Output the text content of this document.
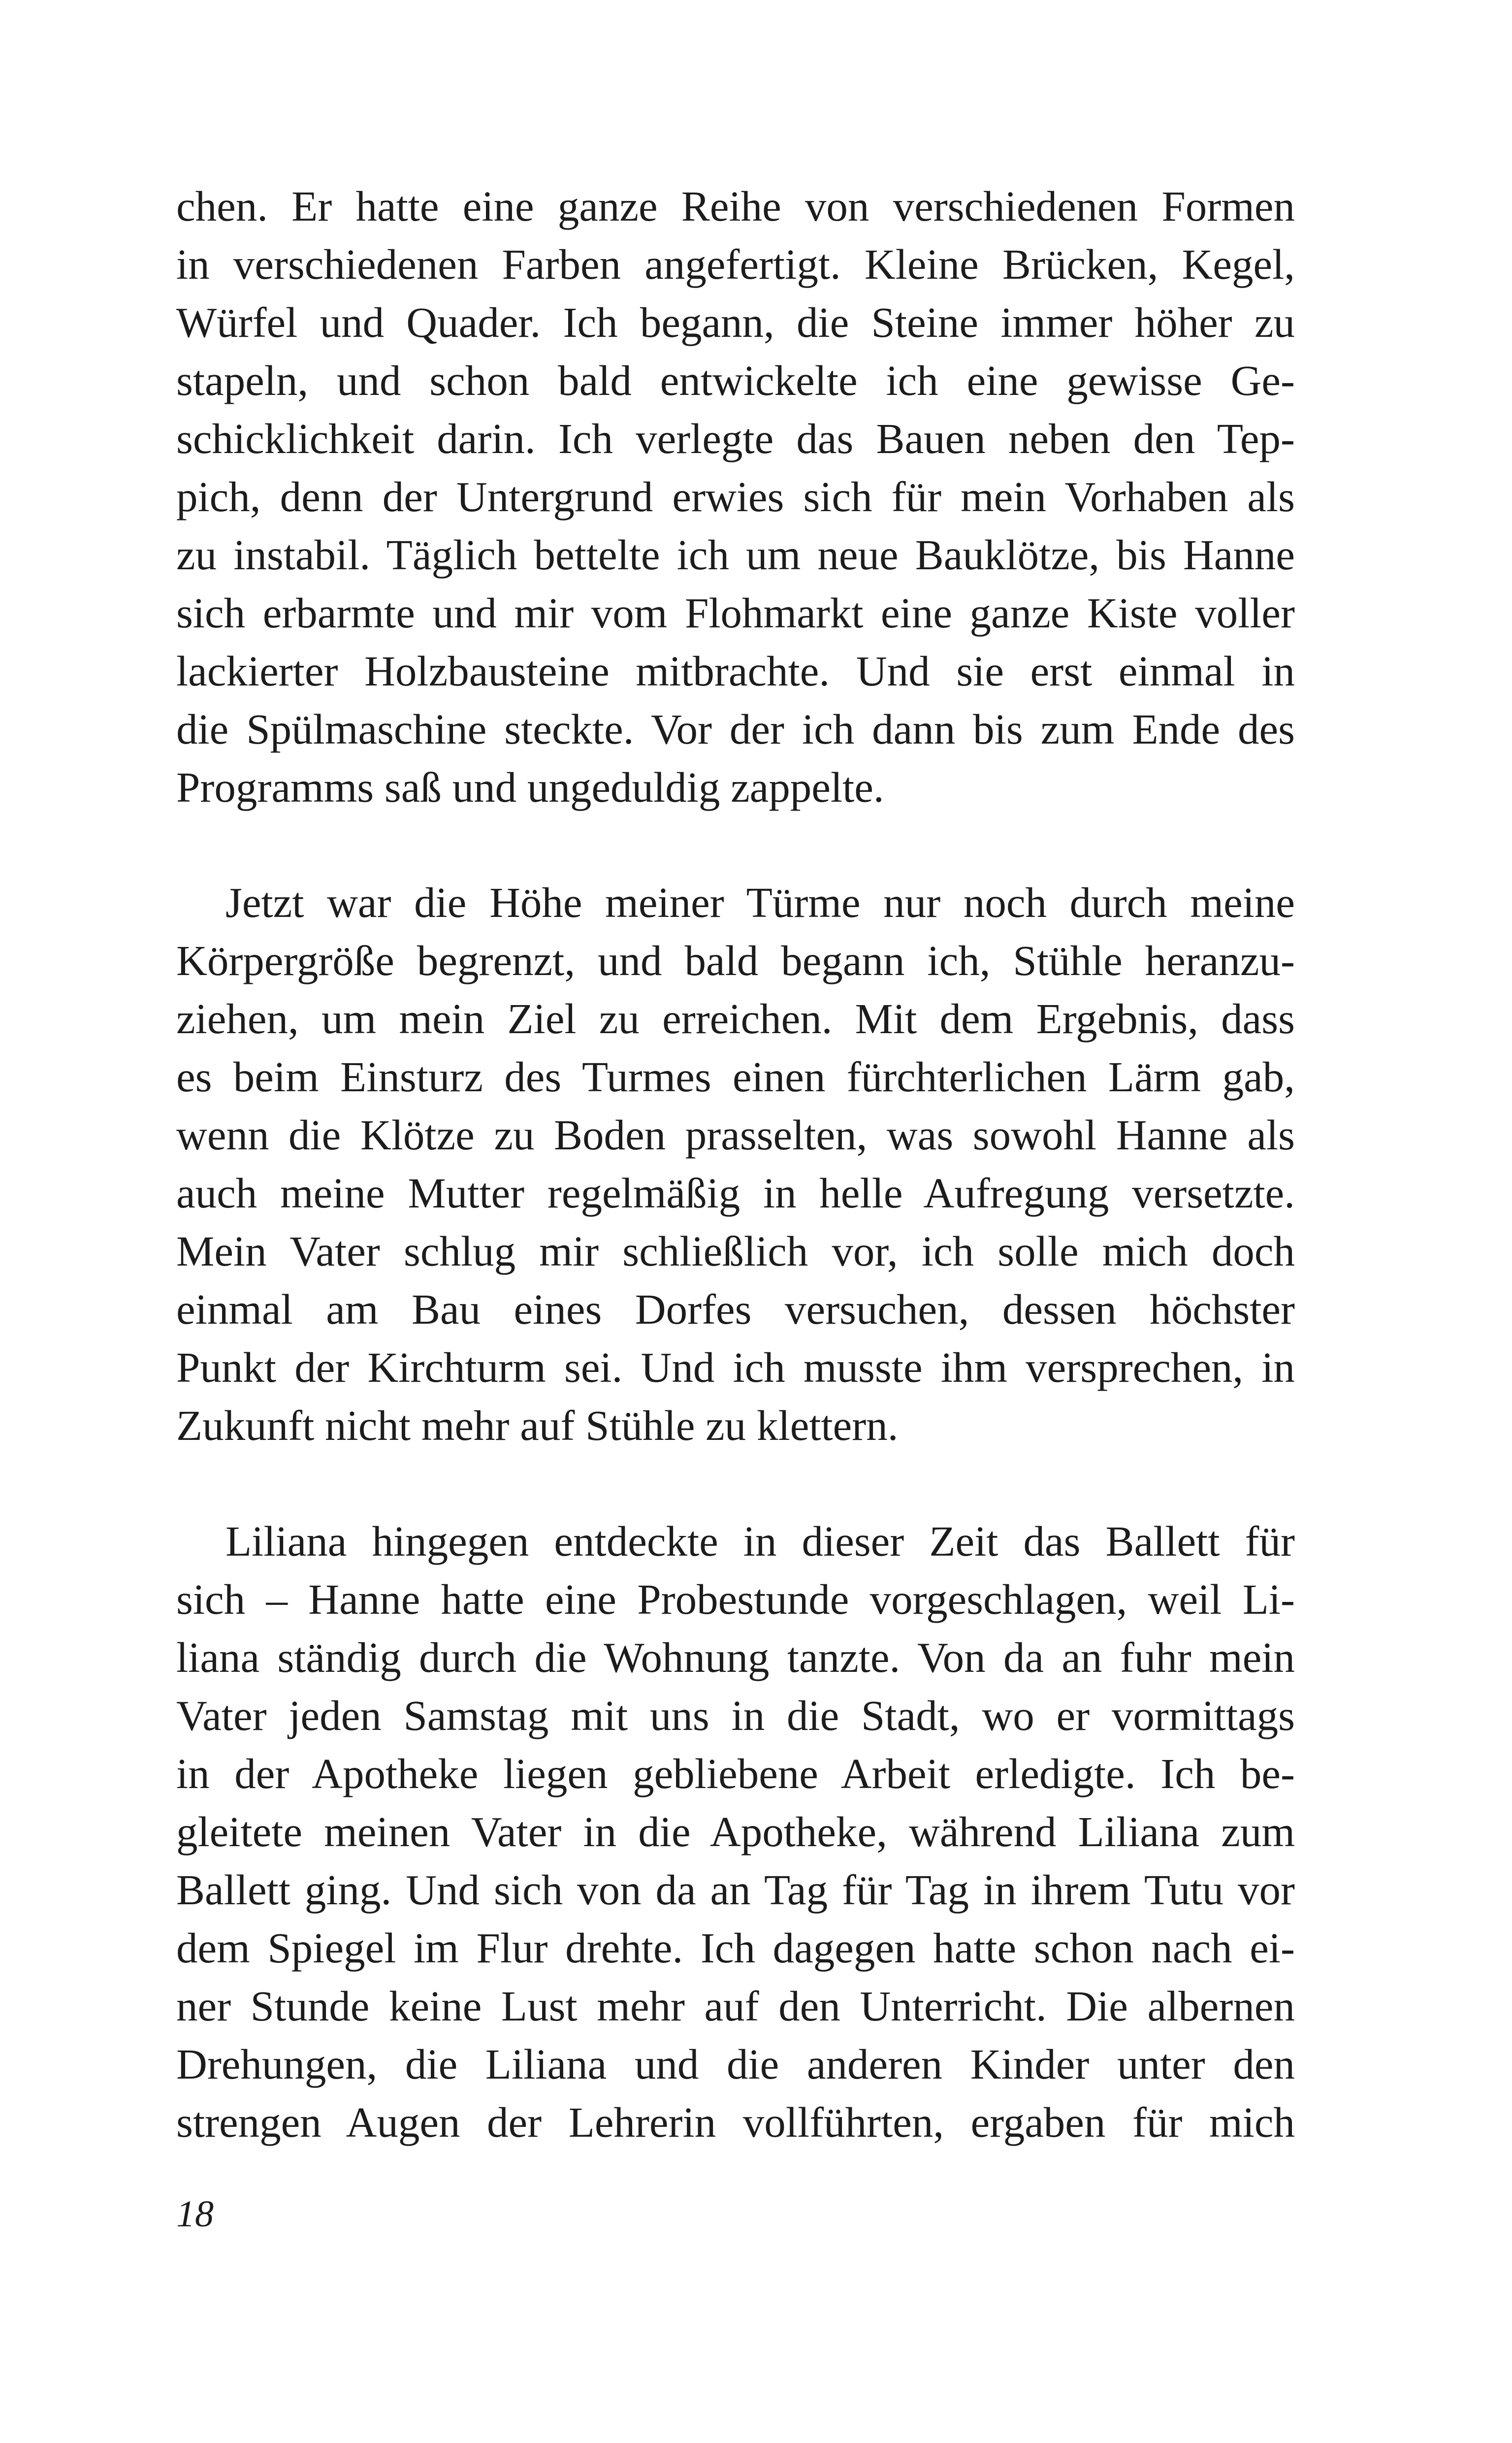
chen. Er hatte eine ganze Reihe von verschiedenen Formen
in verschiedenen Farben angefertigt. Kleine Brücken, Kegel,
Würfel und Quader. Ich begann, die Steine immer höher zu
stapeln, und schon bald entwickelte ich eine gewisse Ge-
schicklichkeit darin. Ich verlegte das Bauen neben den Tep-
pich, denn der Untergrund erwies sich für mein Vorhaben als
zu instabil. Täglich bettelte ich um neue Bauklötze, bis Hanne
sich erbarmte und mir vom Flohmarkt eine ganze Kiste voller
lackierter Holzbausteine mitbrachte. Und sie erst einmal in
die Spülmaschine steckte. Vor der ich dann bis zum Ende des
Programms saß und ungeduldig zappelte.
Jetzt war die Höhe meiner Türme nur noch durch meine
Körpergröße begrenzt, und bald begann ich, Stühle heranzu-
ziehen, um mein Ziel zu erreichen. Mit dem Ergebnis, dass
es beim Einsturz des Turmes einen fürchterlichen Lärm gab,
wenn die Klötze zu Boden prasselten, was sowohl Hanne als
auch meine Mutter regelmäßig in helle Aufregung versetzte.
Mein Vater schlug mir schließlich vor, ich solle mich doch
einmal am Bau eines Dorfes versuchen, dessen höchster
Punkt der Kirchturm sei. Und ich musste ihm versprechen, in
Zukunft nicht mehr auf Stühle zu klettern.
Liliana hingegen entdeckte in dieser Zeit das Ballett für
sich – Hanne hatte eine Probestunde vorgeschlagen, weil Li-
liana ständig durch die Wohnung tanzte. Von da an fuhr mein
Vater jeden Samstag mit uns in die Stadt, wo er vormittags
in der Apotheke liegen gebliebene Arbeit erledigte. Ich be-
gleitete meinen Vater in die Apotheke, während Liliana zum
Ballett ging. Und sich von da an Tag für Tag in ihrem Tutu vor
dem Spiegel im Flur drehte. Ich dagegen hatte schon nach ei-
ner Stunde keine Lust mehr auf den Unterricht. Die albernen
Drehungen, die Liliana und die anderen Kinder unter den
strengen Augen der Lehrerin vollführten, ergaben für mich
18
